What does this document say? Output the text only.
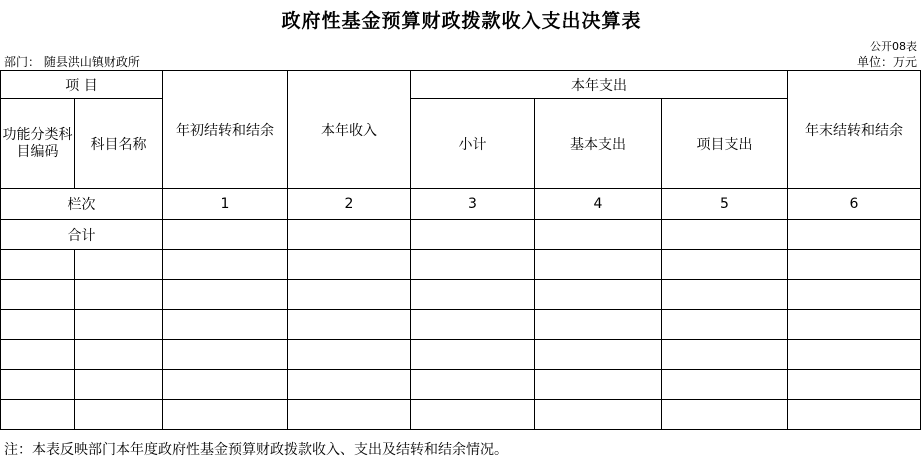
政府性基金预算财政拨款收入支出决算表
公开08表
部门： 随县洪山镇财政所	单位：万元
项 目		年初结转和结余	本年收入	本年支出			年末结转和结余
功能分类科目编码	科目名称			小计	基本支出	项目支出	

栏次		1	2	3	4	5	6
合计							

注：本表反映部门本年度政府性基金预算财政拨款收入、支出及结转和结余情况。
